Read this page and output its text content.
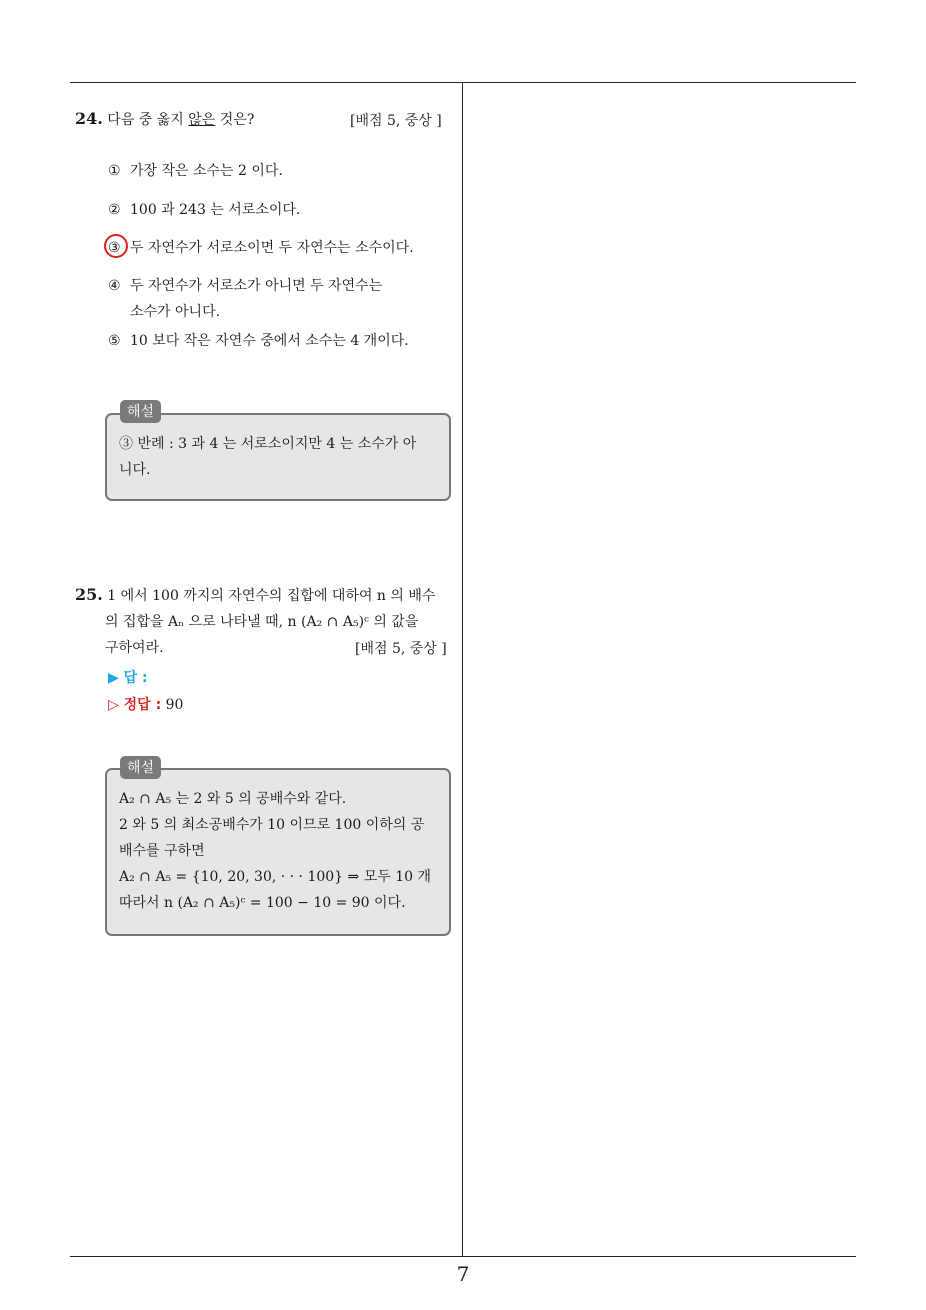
7
24. 다음 중 옳지 않은 것은?	[배점 5, 중상 ]
① 가장 작은 소수는 2 이다.
② 100 과 243 는 서로소이다.
③ 두 자연수가 서로소이면 두 자연수는 소수이다.
④ 두 자연수가 서로소가 아니면 두 자연수는
소수가 아니다.
⑤ 10 보다 작은 자연수 중에서 소수는 4 개이다.
③ 반례 : 3 과 4 는 서로소이지만 4 는 소수가 아
니다.
해설
25. 1 에서 100 까지의 자연수의 집합에 대하여 n 의 배수
의 집합을 Aₙ 으로 나타낼 때, n (A₂ ∩ A₅)ᶜ 의 값을
구하여라.	[배점 5, 중상 ]
▶ 답 :
▷ 정답 : 90
A₂ ∩ A₅ 는 2 와 5 의 공배수와 같다.
2 와 5 의 최소공배수가 10 이므로 100 이하의 공
배수를 구하면
A₂ ∩ A₅ = {10, 20, 30, · · · 100} ⇒ 모두 10 개
따라서 n (A₂ ∩ A₅)ᶜ = 100 − 10 = 90 이다.
해설
